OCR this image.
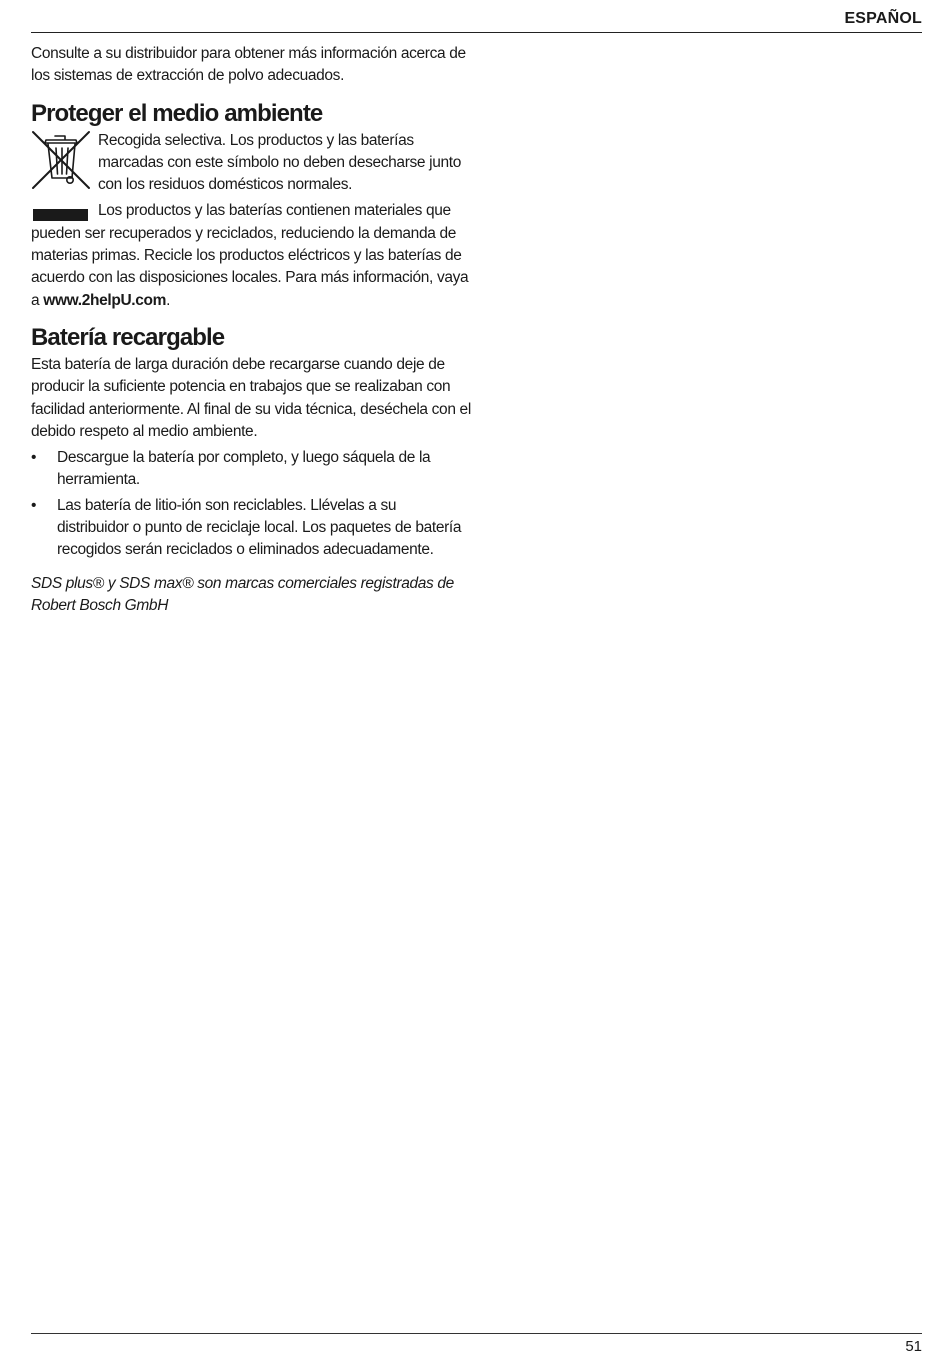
ESPAÑOL

Consulte a su distribuidor para obtener más información acerca de los sistemas de extracción de polvo adecuados.

Proteger el medio ambiente

Recogida selectiva. Los productos y las baterías marcadas con este símbolo no deben desecharse junto con los residuos domésticos normales.

Los productos y las baterías contienen materiales que pueden ser recuperados y reciclados, reduciendo la demanda de materias primas. Recicle los productos eléctricos y las baterías de acuerdo con las disposiciones locales. Para más información, vaya a www.2helpU.com.

Batería recargable

Esta batería de larga duración debe recargarse cuando deje de producir la suficiente potencia en trabajos que se realizaban con facilidad anteriormente. Al final de su vida técnica, deséchela con el debido respeto al medio ambiente.

• Descargue la batería por completo, y luego sáquela de la herramienta.
• Las batería de litio-ión son reciclables. Llévelas a su distribuidor o punto de reciclaje local. Los paquetes de batería recogidos serán reciclados o eliminados adecuadamente.

SDS plus® y SDS max® son marcas comerciales registradas de Robert Bosch GmbH

51
